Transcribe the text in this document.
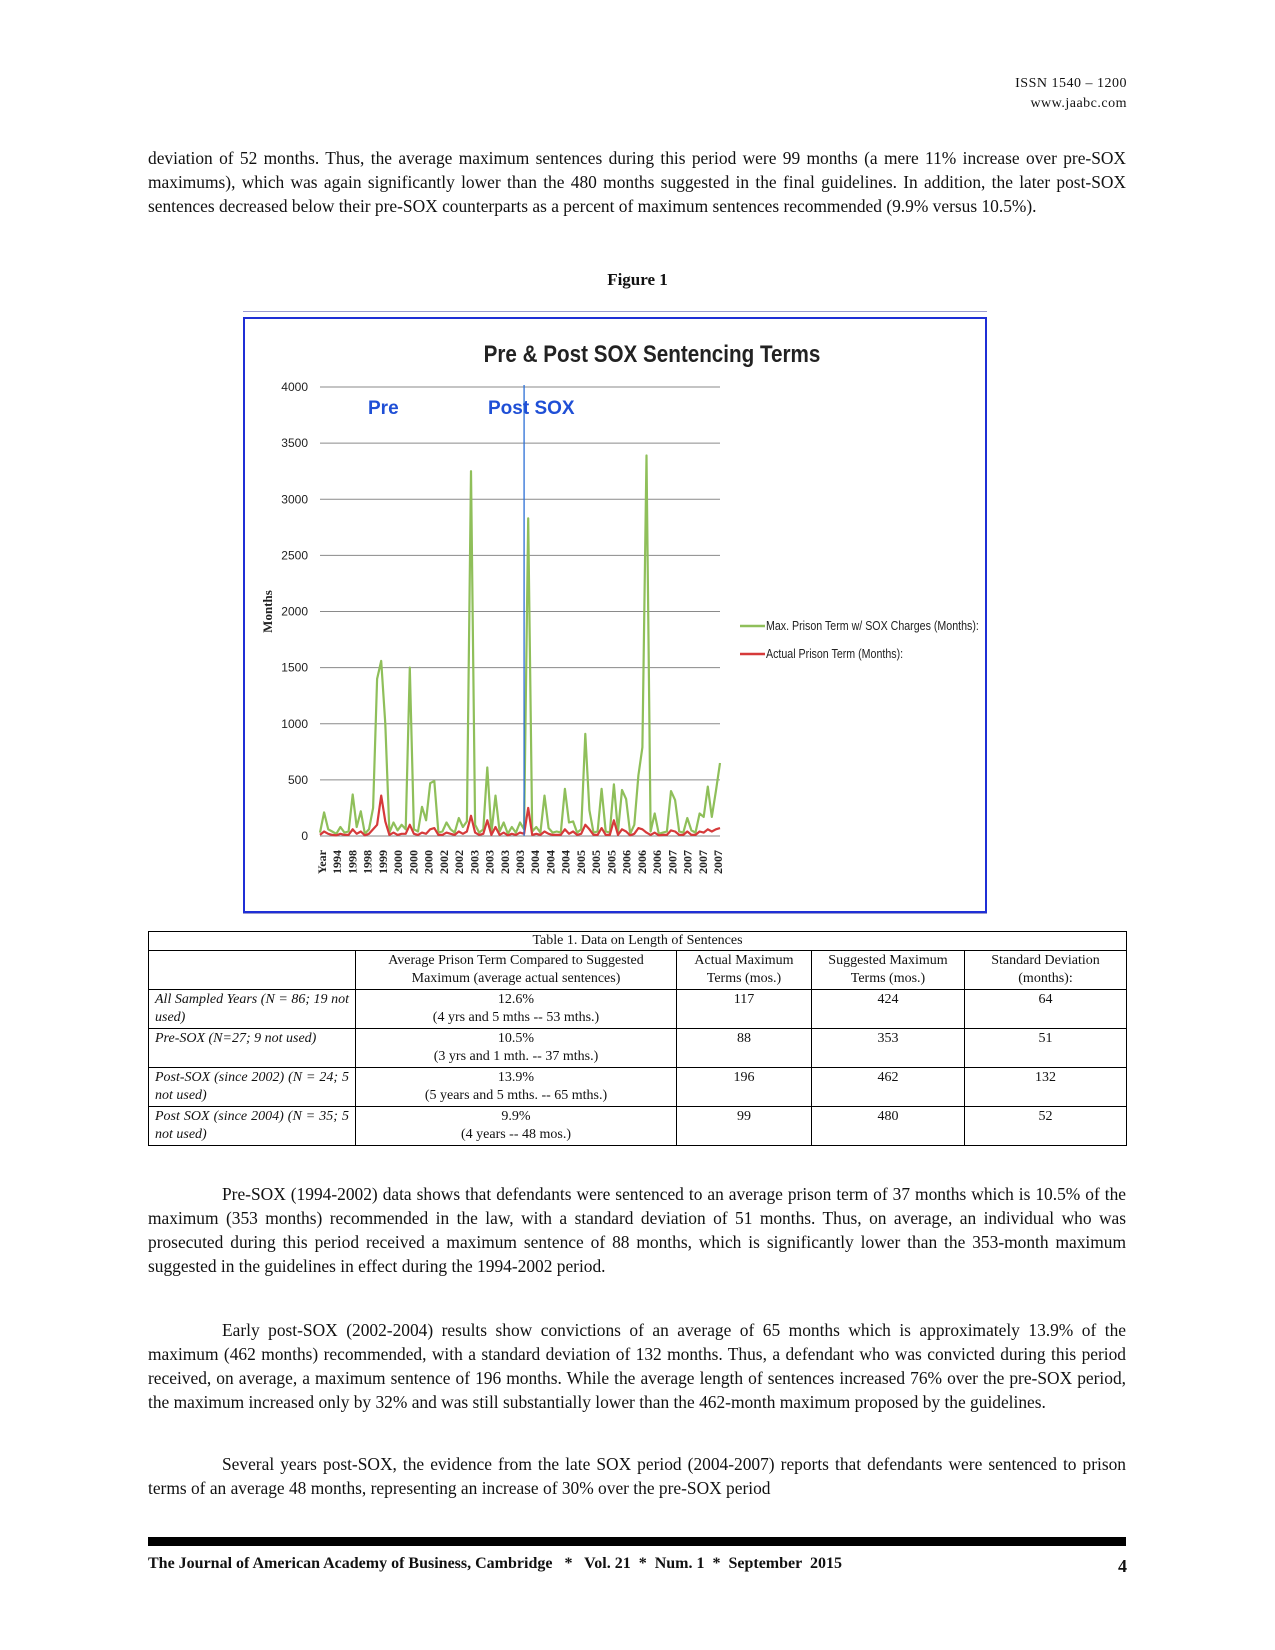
ISSN 1540 – 1200
www.jaabc.com

deviation of 52 months. Thus, the average maximum sentences during this period were 99 months (a mere 11% increase over pre-SOX maximums), which was again significantly lower than the 480 months suggested in the final guidelines. In addition, the later post-SOX sentences decreased below their pre-SOX counterparts as a percent of maximum sentences recommended (9.9% versus 10.5%).

Figure 1
0
500
1000
1500
2000
2500
3000
3500
4000
Year 1994 1998 1998 1999 2000 2000 2000 2002 2002 2003 2003 2003 2003 2004 2004 2004 2005 2005 2005 2006 2006 2006 2007 2007 2007 2007
Pre & Post SOX Sentencing Terms
Months
Pre	Post SOX
Max. Prison Term w/ SOX Charges (Months):
Actual Prison Term (Months):
Table 1. Data on Length of Sentences				
	Average Prison Term Compared to Suggested Maximum (average actual sentences)	Actual Maximum Terms (mos.)	Suggested Maximum Terms (mos.)	Standard Deviation (months):
All Sampled Years (N = 86; 19 not used)	12.6%
(4 yrs and 5 mths -- 53 mths.)	117	424	64
Pre-SOX (N=27; 9 not used)	10.5%
(3 yrs and 1 mth. -- 37 mths.)	88	353	51
Post-SOX (since 2002) (N = 24; 5 not used)	13.9%
(5 years and 5 mths. -- 65 mths.)	196	462	132
Post SOX (since 2004) (N = 35; 5 not used)	9.9%
(4 years -- 48 mos.)	99	480	52

Pre-SOX (1994-2002) data shows that defendants were sentenced to an average prison term of 37 months which is 10.5% of the maximum (353 months) recommended in the law, with a standard deviation of 51 months. Thus, on average, an individual who was prosecuted during this period received a maximum sentence of 88 months, which is significantly lower than the 353-month maximum suggested in the guidelines in effect during the 1994-2002 period.

Early post-SOX (2002-2004) results show convictions of an average of 65 months which is approximately 13.9% of the maximum (462 months) recommended, with a standard deviation of 132 months. Thus, a defendant who was convicted during this period received, on average, a maximum sentence of 196 months. While the average length of sentences increased 76% over the pre-SOX period, the maximum increased only by 32% and was still substantially lower than the 462-month maximum proposed by the guidelines.

Several years post-SOX, the evidence from the late SOX period (2004-2007) reports that defendants were sentenced to prison terms of an average 48 months, representing an increase of 30% over the pre-SOX period

The Journal of American Academy of Business, Cambridge   *   Vol. 21  *  Num. 1  *  September  2015	4
